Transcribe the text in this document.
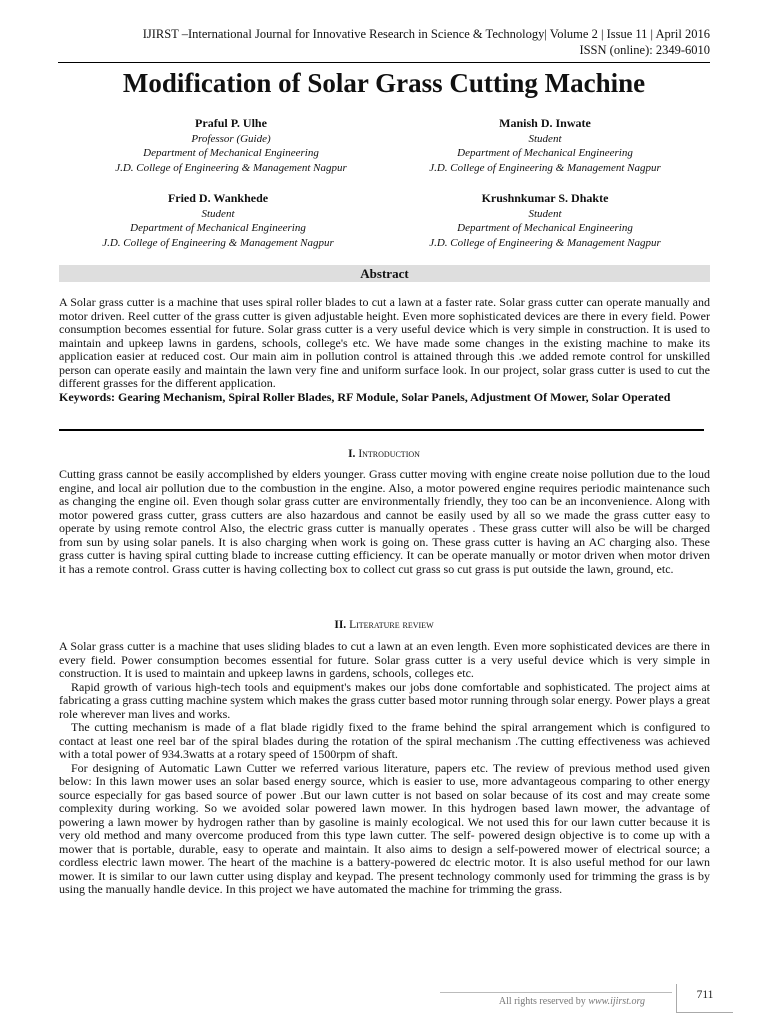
IJIRST –International Journal for Innovative Research in Science & Technology| Volume 2 | Issue 11 | April 2016
ISSN (online): 2349-6010
Modification of Solar Grass Cutting Machine
Praful P. Ulhe
Professor (Guide)
Department of Mechanical Engineering
J.D. College of Engineering & Management Nagpur
Manish D. Inwate
Student
Department of Mechanical Engineering
J.D. College of Engineering & Management Nagpur
Fried D. Wankhede
Student
Department of Mechanical Engineering
J.D. College of Engineering & Management Nagpur
Krushnkumar S. Dhakte
Student
Department of Mechanical Engineering
J.D. College of Engineering & Management Nagpur
Abstract

A Solar grass cutter is a machine that uses spiral roller blades to cut a lawn at a faster rate. Solar grass cutter can operate manually and motor driven. Reel cutter of the grass cutter is given adjustable height. Even more sophisticated devices are there in every field. Power consumption becomes essential for future. Solar grass cutter is a very useful device which is very simple in construction. It is used to maintain and upkeep lawns in gardens, schools, college's etc. We have made some changes in the existing machine to make its application easier at reduced cost. Our main aim in pollution control is attained through this .we added remote control for unskilled person can operate easily and maintain the lawn very fine and uniform surface look. In our project, solar grass cutter is used to cut the different grasses for the different application.

Keywords: Gearing Mechanism, Spiral Roller Blades, RF Module, Solar Panels, Adjustment Of Mower, Solar Operated

I. Introduction

Cutting grass cannot be easily accomplished by elders younger. Grass cutter moving with engine create noise pollution due to the loud engine, and local air pollution due to the combustion in the engine. Also, a motor powered engine requires periodic maintenance such as changing the engine oil. Even though solar grass cutter are environmentally friendly, they too can be an inconvenience. Along with motor powered grass cutter, grass cutters are also hazardous and cannot be easily used by all so we made the grass cutter easy to operate by using remote control Also, the electric grass cutter is manually operates . These grass cutter will also be will be charged from sun by using solar panels. It is also charging when work is going on. These grass cutter is having an AC charging also. These grass cutter is having spiral cutting blade to increase cutting efficiency. It can be operate manually or motor driven when motor driven it has a remote control. Grass cutter is having collecting box to collect cut grass so cut grass is put outside the lawn, ground, etc.

II. Literature review

A Solar grass cutter is a machine that uses sliding blades to cut a lawn at an even length. Even more sophisticated devices are there in every field. Power consumption becomes essential for future. Solar grass cutter is a very useful device which is very simple in construction. It is used to maintain and upkeep lawns in gardens, schools, colleges etc.

Rapid growth of various high-tech tools and equipment's makes our jobs done comfortable and sophisticated. The project aims at fabricating a grass cutting machine system which makes the grass cutter based motor running through solar energy. Power plays a great role wherever man lives and works.

The cutting mechanism is made of a flat blade rigidly fixed to the frame behind the spiral arrangement which is configured to contact at least one reel bar of the spiral blades during the rotation of the spiral mechanism .The cutting effectiveness was achieved with a total power of 934.3watts at a rotary speed of 1500rpm of shaft.

For designing of Automatic Lawn Cutter we referred various literature, papers etc. The review of previous method used given below: In this lawn mower uses an solar based energy source, which is easier to use, more advantageous comparing to other energy source especially for gas based source of power .But our lawn cutter is not based on solar because of its cost and may create some complexity during working. So we avoided solar powered lawn mower. In this hydrogen based lawn mower, the advantage of powering a lawn mower by hydrogen rather than by gasoline is mainly ecological. We not used this for our lawn cutter because it is very old method and many overcome produced from this type lawn cutter. The self- powered design objective is to come up with a mower that is portable, durable, easy to operate and maintain. It also aims to design a self-powered mower of electrical source; a cordless electric lawn mower. The heart of the machine is a battery-powered dc electric motor. It is also useful method for our lawn mower. It is similar to our lawn cutter using display and keypad. The present technology commonly used for trimming the grass is by using the manually handle device. In this project we have automated the machine for trimming the grass.

All rights reserved by www.ijirst.org
711
